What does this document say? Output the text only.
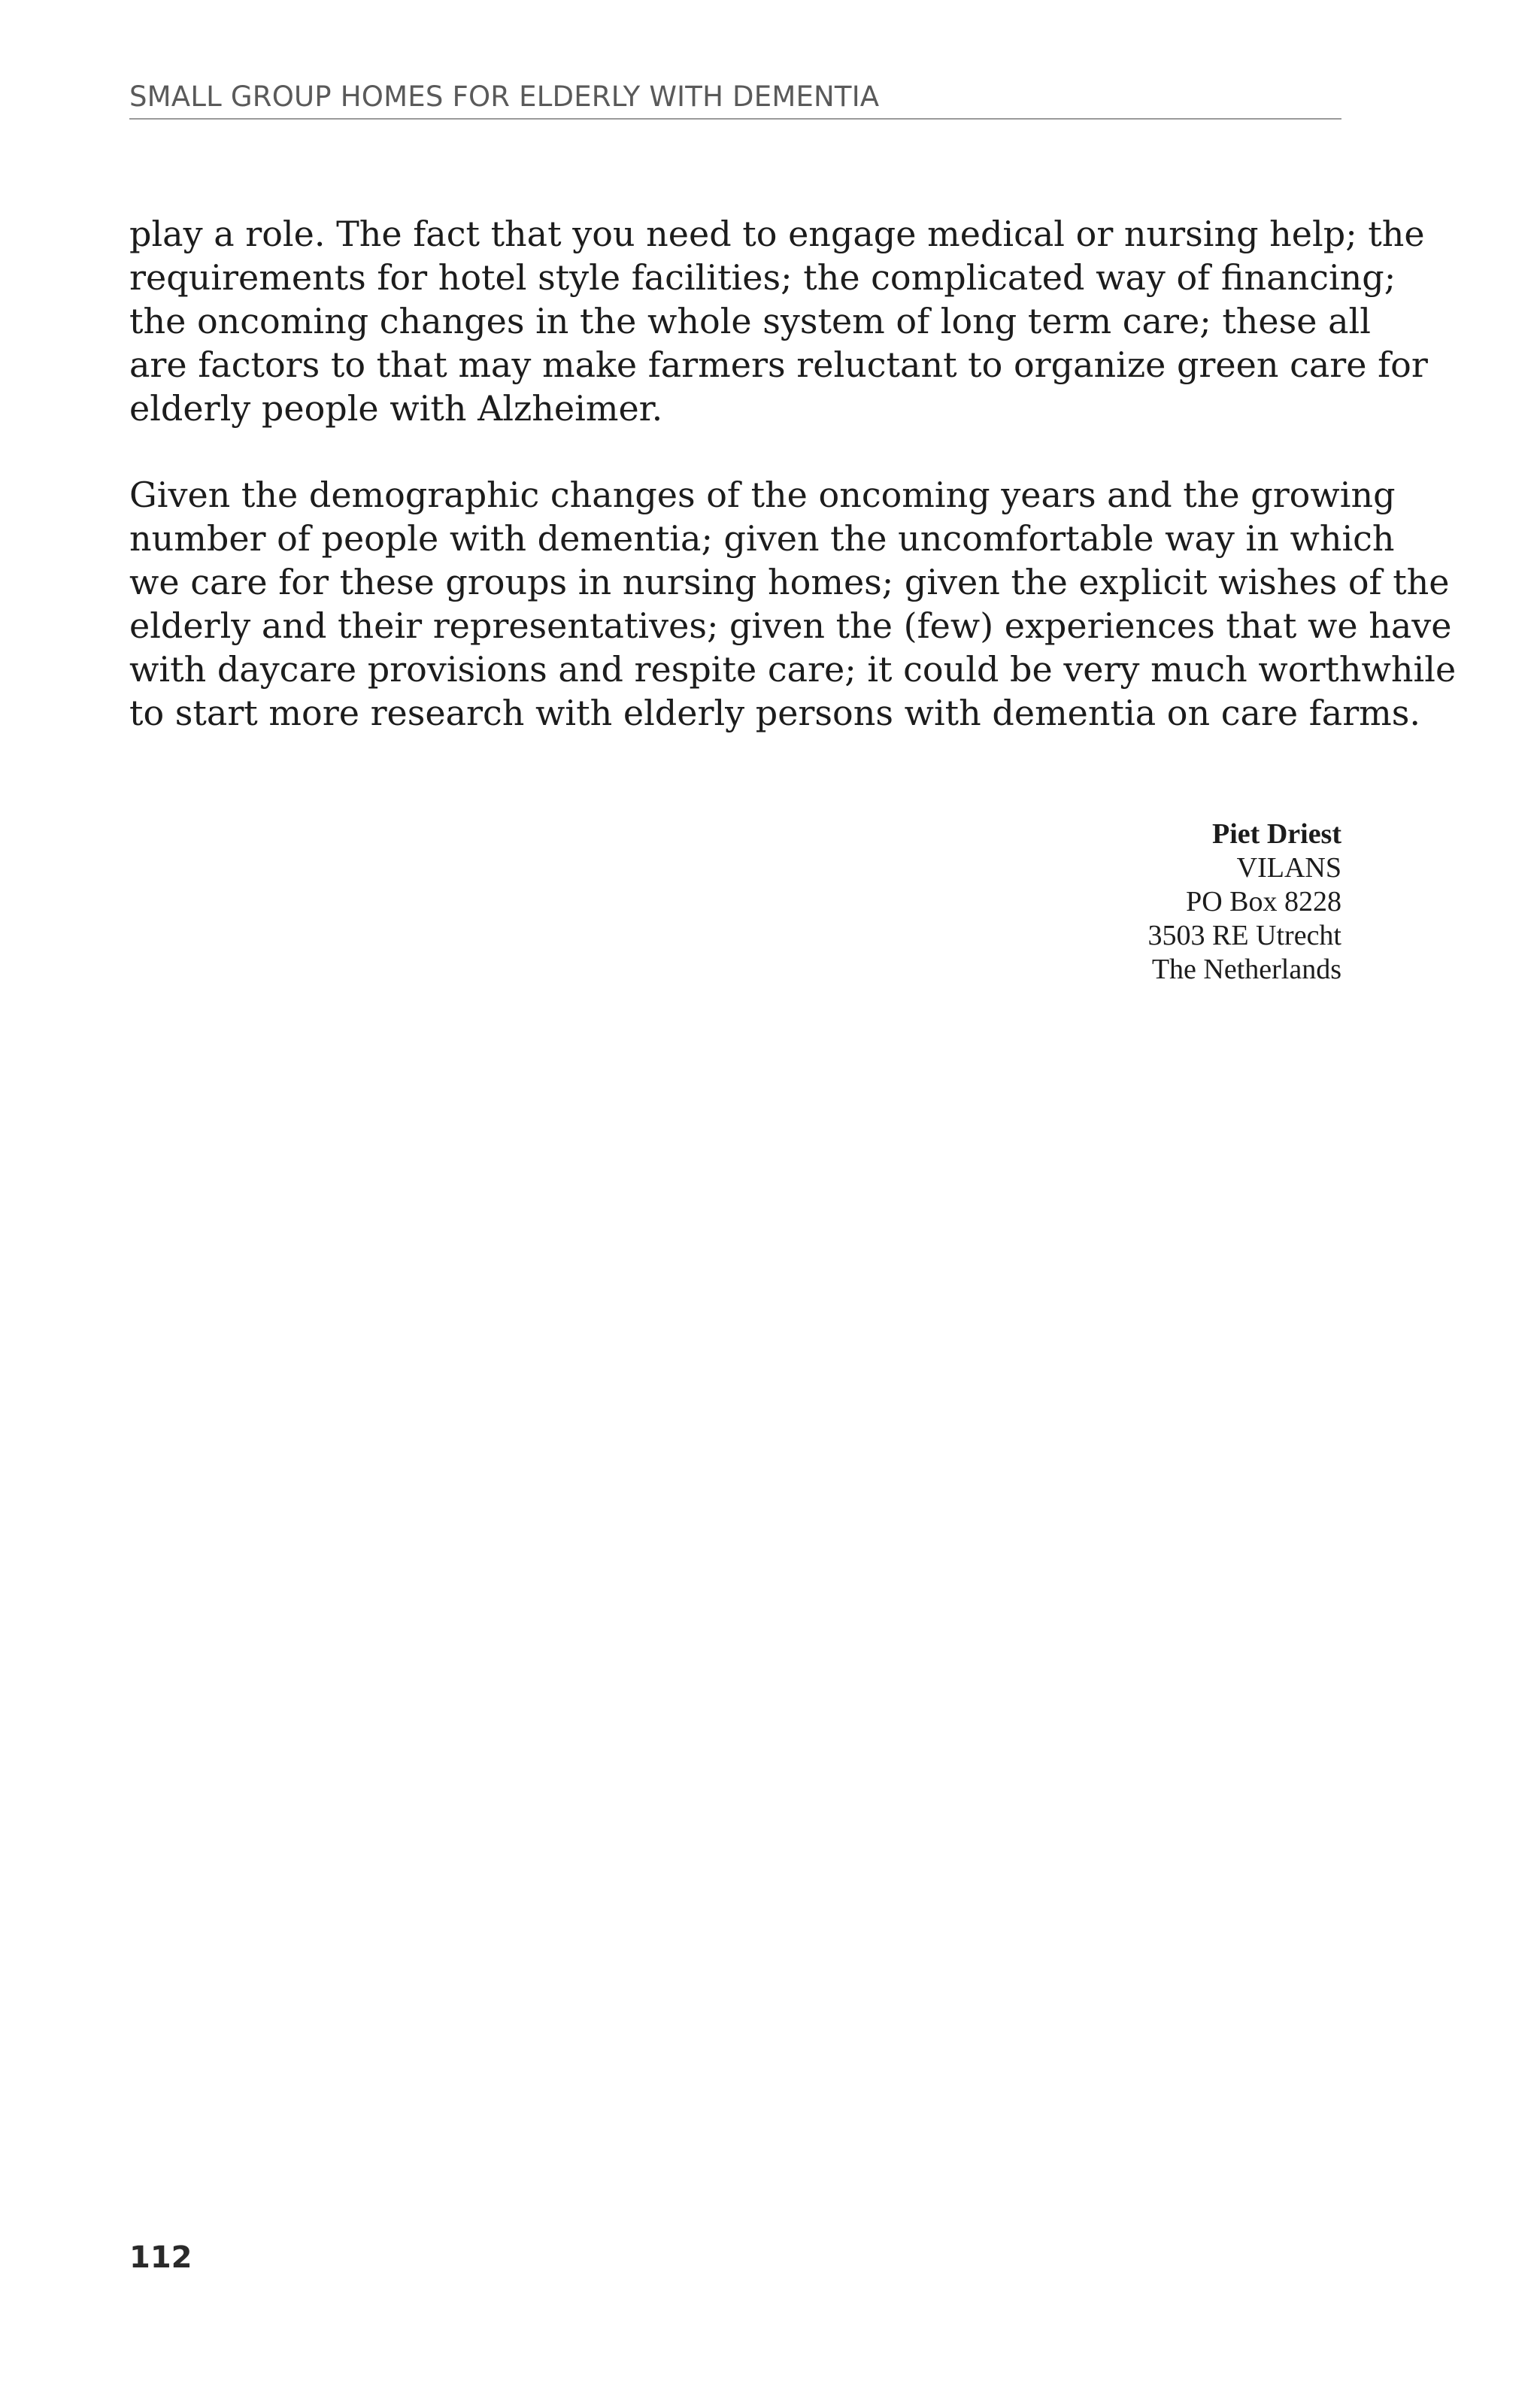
SMALL GROUP HOMES FOR ELDERLY WITH DEMENTIA
play a role. The fact that you need to engage medical or nursing help; the
requirements for hotel style facilities; the complicated way of financing;
the oncoming changes in the whole system of long term care; these all
are factors to that may make farmers reluctant to organize green care for
elderly people with Alzheimer.
Given the demographic changes of the oncoming years and the growing
number of people with dementia; given the uncomfortable way in which
we care for these groups in nursing homes; given the explicit wishes of the
elderly and their representatives; given the (few) experiences that we have
with daycare provisions and respite care; it could be very much worthwhile
to start more research with elderly persons with dementia on care farms.
Piet Driest
VILANS
PO Box 8228
3503 RE Utrecht
The Netherlands
112
